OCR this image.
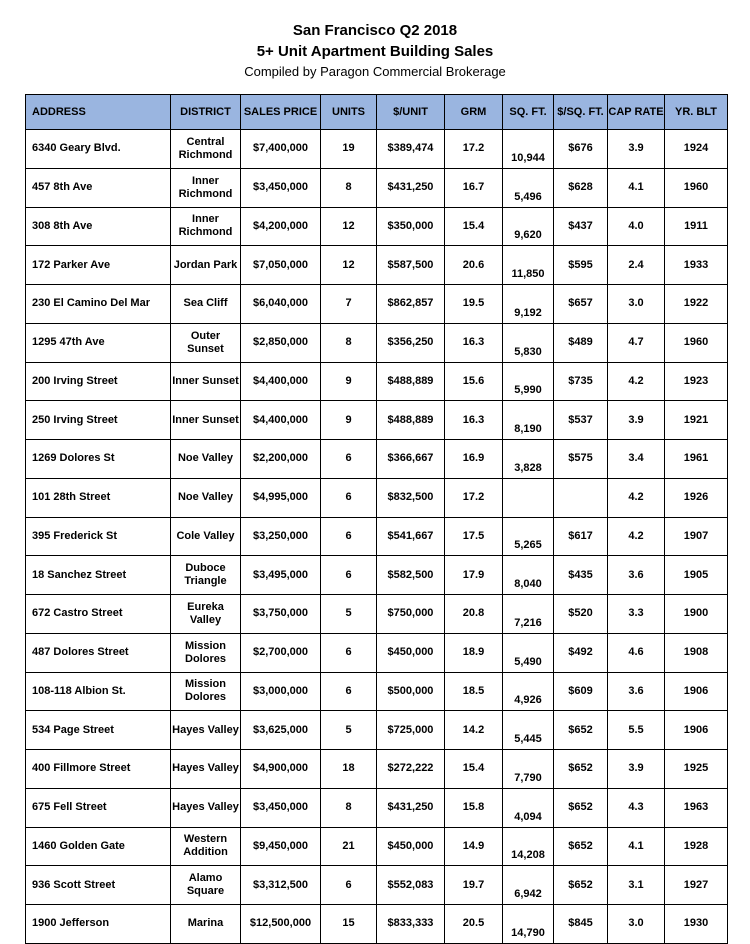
San Francisco Q2 2018
5+ Unit Apartment Building Sales
Compiled by Paragon Commercial Brokerage
ADDRESS	DISTRICT	SALES PRICE	UNITS	$/UNIT	GRM	SQ. FT.	$/SQ. FT.	CAP RATE	YR. BLT
6340 Geary Blvd.	Central Richmond	$7,400,000	19	$389,474	17.2	10,944	$676	3.9	1924
457 8th Ave	Inner Richmond	$3,450,000	8	$431,250	16.7	5,496	$628	4.1	1960
308 8th Ave	Inner Richmond	$4,200,000	12	$350,000	15.4	9,620	$437	4.0	1911
172 Parker Ave	Jordan Park	$7,050,000	12	$587,500	20.6	11,850	$595	2.4	1933
230 El Camino Del Mar	Sea Cliff	$6,040,000	7	$862,857	19.5	9,192	$657	3.0	1922
1295 47th Ave	Outer Sunset	$2,850,000	8	$356,250	16.3	5,830	$489	4.7	1960
200 Irving Street	Inner Sunset	$4,400,000	9	$488,889	15.6	5,990	$735	4.2	1923
250 Irving Street	Inner Sunset	$4,400,000	9	$488,889	16.3	8,190	$537	3.9	1921
1269 Dolores St	Noe Valley	$2,200,000	6	$366,667	16.9	3,828	$575	3.4	1961
101 28th Street	Noe Valley	$4,995,000	6	$832,500	17.2			4.2	1926
395 Frederick St	Cole Valley	$3,250,000	6	$541,667	17.5	5,265	$617	4.2	1907
18 Sanchez Street	Duboce Triangle	$3,495,000	6	$582,500	17.9	8,040	$435	3.6	1905
672 Castro Street	Eureka Valley	$3,750,000	5	$750,000	20.8	7,216	$520	3.3	1900
487 Dolores Street	Mission Dolores	$2,700,000	6	$450,000	18.9	5,490	$492	4.6	1908
108-118 Albion St.	Mission Dolores	$3,000,000	6	$500,000	18.5	4,926	$609	3.6	1906
534 Page Street	Hayes Valley	$3,625,000	5	$725,000	14.2	5,445	$652	5.5	1906
400 Fillmore Street	Hayes Valley	$4,900,000	18	$272,222	15.4	7,790	$652	3.9	1925
675 Fell Street	Hayes Valley	$3,450,000	8	$431,250	15.8	4,094	$652	4.3	1963
1460 Golden Gate	Western Addition	$9,450,000	21	$450,000	14.9	14,208	$652	4.1	1928
936 Scott Street	Alamo Square	$3,312,500	6	$552,083	19.7	6,942	$652	3.1	1927
1900 Jefferson	Marina	$12,500,000	15	$833,333	20.5	14,790	$845	3.0	1930
